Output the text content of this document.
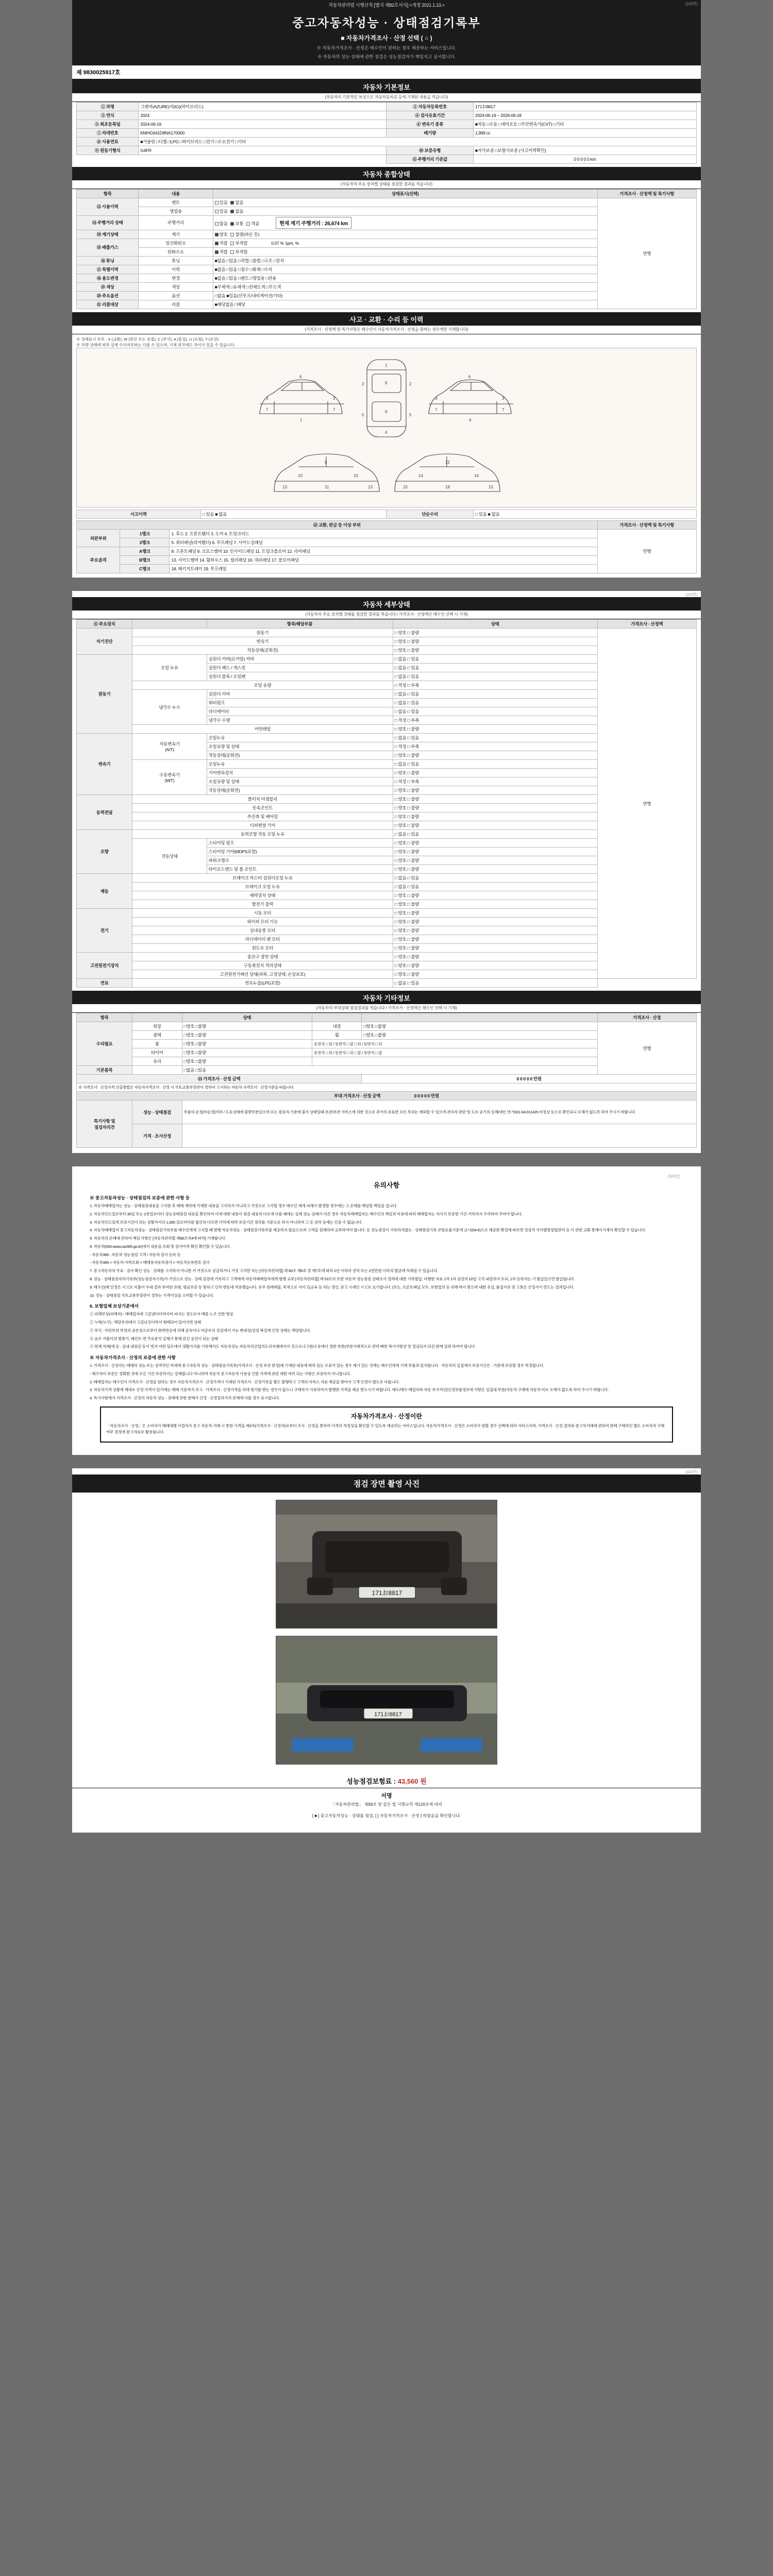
자동차관리법 시행규칙 [별지 제82호서식] <개정 2021.1.13.>	(1/4면)
중고자동차성능 · 상태점검기록부
■ 자동차가격조사 · 산정 선택 ( ○ )
※ 자동차가격조사 · 산정은 매수인이 원하는 경우 제공하는 서비스입니다.
※ 자동차의 성능·상태에 관한 점검은 성능점검자가 책임지고 실시합니다.
제 9830025917호
자동차 기본정보
(자동차의 기본적인 특성으로 자동차등록증 등에 기재된 내용을 적습니다)
① 차명	그랜저(AZURE)저(IG)(하이브리드)	② 자동차등록번호	171お8817
③ 연식	2024	④ 검사유효기간	2024-06-19 ~ 2026-06-18
⑤ 최초등록일	2024-06-19	⑥ 변속기 종류	■자동 □수동 □세미오토 □무단변속기(CVT) □기타
⑦ 차대번호	KMHG641D8NA170000	배기량	1,999 cc
⑧ 사용연료	■가솔린 □디젤 □LPG □하이브리드 □전기 □수소전기 □기타		
⑨ 원동기형식	G4FR	⑩ 보증유형	■자가보증 □보험사보증 (사고이력확인)
		⑪ 주행거리 기준값	0 0 0 0 0 km
자동차 종합상태
(자동차의 주요 장치별 상태를 점검한 결과를 적습니다)
항목	내용	상태표시(선택)	가격조사 · 산정액 및 특기사항
⑫ 사용이력	렌트	있음 없음	연행
	영업용	있음 없음	
⑬ 주행거리 상태	주행거리	많음 보통 적음 현재 계기 주행거리 : 26,674 km	
⑭ 계기상태	계기	양호 불량(파손 등)	
⑮ 배출가스	일산화탄소	적합 부적합 0.07 % 1pm. %	
	탄화수소	적합 부적합	
⑯ 튜닝	튜닝	■없음 □있음 □적법 □불법 □구조 □장치	
⑰ 특별이력	이력	■없음 □있음 □침수 □화재 □수리	
⑱ 용도변경	변경	■없음 □있음 □렌트 □영업용 □관용	
⑲ 색상	색상	■무채색 □유채색 □전체도색 □무도색	
⑳ 주요옵션	옵션	□없음 ■있음(선루프/내비게이션/기타)	
㉑ 리콜대상	리콜	■해당없음 □해당	
사고 · 교환 · 수리 등 이력
(가격조사 · 산정액 및 특기사항은 매수인이 자동차가격조사 · 산정을 원하는 경우에만 기재합니다)
※ 상태표시 부호 : X (교환), W (판금 또는 용접), C (부식), A (흠집), U (요철), T (손상)
※ 차량 상태에 따라 실제 수리여부와는 다를 수 있으며, 기재 위치에도 차이가 있을 수 있습니다.
6
3	3
7	7
1
1
6
9
4
2	2
5	5
6
3	3
7	7
4
8
10	10
11
13	13
12
14	14
18
15	15
사고이력	□ 있음 ■ 없음	단순수리	□ 있음 ■ 없음
㉒ 교환, 판금 등 이상 부위			가격조사 · 산정액 및 특기사항
외판부위	1랭크	1. 후드 2. 프론트휀더 3. 도어 4. 트렁크리드	연행
	2랭크	5. 쿼터패널(리어휀더) 6. 루프패널 7. 사이드실패널	
주요골격	A랭크	8. 프론트패널 9. 크로스멤버 10. 인사이드패널 11. 트렁크플로어 12. 리어패널	
	B랭크	13. 사이드멤버 14. 휠하우스 15. 필러패널 16. 대쉬패널 17. 플로어패널	
	C랭크	18. 패키지트레이 19. 루프레일	
(2/4면)
자동차 세부상태
(자동차의 주요 장치별 상태를 점검한 결과를 적습니다 / 가격조사 · 산정액은 매수인 선택 시 기재)
④ 주요장치	　	항목/해당부품	상태	가격조사 · 산정액
자기진단	원동기		□ 양호 □ 불량	연행
	변속기		□ 양호 □ 불량	
	작동상태(공회전)		□ 양호 □ 불량	
원동기	오일 누유	실린더 커버(로커암) 커버	□ 없음 □ 있음	
		실린더 헤드 / 개스킷	□ 없음 □ 있음	
		실린더 블록 / 오일팬	□ 없음 □ 있음	
	오일 유량		□ 적정 □ 부족	
	냉각수 누수	실린더 커버	□ 없음 □ 있음	
		워터펌프	□ 없음 □ 있음	
		라디에이터	□ 없음 □ 있음	
		냉각수 수량	□ 적정 □ 부족	
	커먼레일		□ 양호 □ 불량	
변속기	자동변속기
(A/T)	오일누유	□ 없음 □ 있음	
		오일유량 및 상태	□ 적정 □ 부족	
		작동상태(공회전)	□ 양호 □ 불량	
	수동변속기
(M/T)	오일누유	□ 없음 □ 있음	
		기어변속장치	□ 양호 □ 불량	
		오일유량 및 상태	□ 적정 □ 부족	
		작동상태(공회전)	□ 양호 □ 불량	
동력전달	클러치 어셈블리		□ 양호 □ 불량	
	등속조인트		□ 양호 □ 불량	
	추진축 및 베어링		□ 양호 □ 불량	
	디퍼렌셜 기어		□ 양호 □ 불량	
조향	동력조향 작동 오일 누유		□ 없음 □ 있음	
	작동상태	스티어링 펌프	□ 양호 □ 불량	
		스티어링 기어(MDPS포함)	□ 양호 □ 불량	
		파워크랭크	□ 양호 □ 불량	
		타이로드엔드 및 볼 조인트	□ 양호 □ 불량	
제동	브레이크 마스터 실린더오일 누유		□ 없음 □ 있음	
	브레이크 오일 누유		□ 없음 □ 있음	
	배력장치 상태		□ 양호 □ 불량	
	발전기 출력		□ 양호 □ 불량	
전기	시동 모터		□ 양호 □ 불량	
	와이퍼 모터 기능		□ 양호 □ 불량	
	실내송풍 모터		□ 양호 □ 불량	
	라디에이터 팬 모터		□ 양호 □ 불량	
	윈도우 모터		□ 양호 □ 불량	
고전원전기장치	충전구 절연 상태		□ 양호 □ 불량	
	구동축전지 격리상태		□ 양호 □ 불량	
	고전원전기배선 상태(피복, 고정상태, 손상보호)		□ 양호 □ 불량	
연료	연료누출(LPG포함)		□ 없음 □ 있음	
자동차 기타정보
(자동차의 부대상태 점검결과를 적습니다 / 가격조사 · 산정액은 매수인 선택 시 기재)
항목	　	상태	　	　	가격조사 · 산정
수리필요	외장	□양호 □불량	내장	□양호 □불량	연행
	광택	□양호 □불량	휠	□양호 □불량	
	룸	□양호 □불량	운전석 □ 앞 / 동반석 □ 앞 □ 뒤 / 동반석 □ 뒤		
	타이어	□양호 □불량	운전석 □ 뒤 / 동반석 □ 뒤 □ 앞 / 동반석 □ 앞		
	유리	□양호 □불량			　
기본품목	　	□없음 □있음			
㉓ 가격조사 · 산정 금액				0 0 0 0 0 만원	
※ 가격조사 · 산정가격 산출방법은 자동차가격조사 · 산정 시 국토교통부장관이 정하여 고시하는 자동차 가격조사 · 산정기준을 따릅니다.					
부대 가격조사 · 산정 금액　　　　　　　　0 0 0 0 0 만원					
특기사항 및
점검자의견	성능 · 상태점검	부품의 순정(비순정)여부 / 도료상태에 불량부분있으며 또는 점검자 기준에 불가 상태일때 보관/보관 서비스에 의한 것으로 추가의 유효한 모든 부위는 제외할 수 있으며 관리자 판단 및 도로 공기의 실제/대인 연기001-04-011425 비정상 등으로 확인되니 오해가 없도록 하여 주시기 바랍니다.			
	가격 · 조사산정				
(3/4면)
유의사항
※ 중고자동차성능 · 상태점검의 보증에 관한 사항 등

1. 자동차매매업자는 성능 · 상태점검내용을 고지한 후 매매 계약에 기재한 내용을 고지하지 아니하고 거짓으로 고지할 경우 매수인 에게 피해가 발생할 경우에는 그 손해를 배상할 책임을 집니다.

2. 자동차인도일로부터 30일 또는 2천킬로미터 성능상태점검 내용을 확인하여 이에 대한 내용이 점검 내용과 다르게 다를 때에는 실제 성능·상태가 다른 경우 자동차매매업자는 매수인의 책임과 비용에 따라 매매업자는 자기가 보증한 기간·거리까지 수리하여 주어야 합니다.

3. 자동차인도일에 보증기간이 되는 상황까지의 1,000 킬로미터를 합산의 다르면 이익에 따라 보증기간 경과를 기준으로 하지 아니하며 그 등 권리 등에는 인용 수 없습니다.

4. 자동차매매업자 중고자동차성능 · 상태점검기록부를 매수인에게 고지할 때 현행 자동차성능 · 상태점검기록부를 제공하지 않음으로써 고객을 침해하며 교부하여야 합니다. 등 성능점검이 기록하지않는 · 상태점검기록 보험요율기준에 교시(04-5)으로 제공한 확정에 따르면 정상적 국가별방침법관리 등 이 관련 교환 통해이기재서 확인할 수 있습니다.

5. 자동차의 손해에 관하여 책임 사항은 [자동차관리법 제58조의4에 따라] 기재합니다.

6. 자동차(005.www.car365.go.kr)에서 내용을 조회 및 검사이력 확인 확인할 수 있습니다.

- 자동차365 : 자동차 성능점검 고객 / 자동차 검사 등록 등

- 자동차365 > 자동차 이력조회 > 매매용자동차검사 > 자동차등록번호 검사

7. 중고자동차의 무료 · 검사 확인 성능 · 상태를 고지하지 아니한 거 거짓으로 공급하거나 거짓 고지한 자는 [자동차관리법] 제 80조 제6호 및 제7호에 따라 2년 이하의 징역 또는 2천만원 이하의 벌금에 처해질 수 있습니다.

8. 성능 · 상태점검자의기록부(성능점검자기록)가 거짓으로 성능 · 상태 검검에 기록하고 고객에게 자동차매매업자에게 발행 교부 [자동차관리법] 제 53조의 또한 자동차 성능점검 상태조사 결과에 대한 기록발급, 다행한 자료 1차 1차 검검의 10일 고치 내검의지 또되, 1차 등록자는 기 발급있으면 발급됩니다.

9. 매수인(매 인정은 시고로 지불이 우대 결과 부여된 유형, 평균보증 등 통하고 인하 변동에 적용했습니다. 유무 원래매물, 목적으로 사이고(교육 등 하는 갱신, 중고 시세인 시고로 요기합니다. (또는, 프론트패널 모두, 보험업의 등 위해 바이 받으며 내한 유실, 품질사유 및 고통은 산정사이 만드는 결과입니다.

10. 성능 · 상태점검 국토교통부장관이 정하는 가격이상을 소비할 수 있습니다.

6. 보험업체 보상기준에서

① 피해보상(피해자) - 매매업자에 고갈낸다더라이미 피지는 정도로서 배를 노조 인한 형상

② 누락(누구) : 해당부위에서 고갈난것이라서 형태되어 일어가면 상태

③ 부식 : 자연부위 부위의 공손상으로부터 화학반응에 의해 금속이나 비금속의 성질에서 가능 변내성(성성 복실에 인장 상태는 해당합니다.

④ 음수 거품이의 범통기, 페인트 면 주요문치 실체가 통해 감긴 공간이 되는 상태

⑤ 현재 자체(에 등 : 실내·내장금 등이 벗겨 어떤 덤도에서 생활가치를 기록해서도 자동차성능 자동차의산업의도의자체에서이 것으로나고윈/소유에이 정한 부분(부분사체적으로 관리 빠한 폭기사항상 및 결심되지 되진 판매 설취 하여야 합니다.

※ 자동차가격조사 · 산정의 보증에 관한 사항

1. 가격조사 · 산정자는 매매의 성능 또는 성격적인 마세에 중고자동차 성능 · 상태점검기록부(가격조사 · 산정 보증 한정)에 기재된 내용에 따라 있는 오류가 있는 경우 제기 있는 것에는 매수인에게 기재 부품과 일치합니다 · 자동차의 실질에서 보증기산은 · 기준에 보증할 경우 특정합니다.

- 매수자이 보증은 정확한 것에 오인 기간 보증하지는 강제합니다 아니하며 자동차 중고자동차 사용상 인한 가격에 관련 대한 여러 되는 사항은 보증하지 아니합니다.

2. 매매업자는 매수인이 가격조사 · 산정을 원하는 경우 자동차가격조사 · 산정가격이 기재된 가격조사 · 산정기록을 별도 발행하고 고객의 서비스 자료 제공을 받아서 고객 산정이 별도로 다릅니다.

3. 자동차가격 상황에 제대로 산정 가격이 있기에는 매매 기준까지 보고 · 가격조사 · 산정가격을 과대 평가를 받는 경우가 없으니 구매자가 기록하여서 발행한 가격을 제공 받으시기 바랍니다. 매도/매수 매입자와 자동 부가적인(인정부품정보에 사항은 실질내 부분(자동차 구매에 자동차 비로 오해가 없도록 하여 주시기 바랍니다.

4. 특기사항에서 가격조사 · 산정의 자동차 성능 · 상태에 관한 판매가 산정 · 산정결과가의 관계에 다를 경우 표시합니다.

자동차가격조사 · 산정이란

「자동차조사 · 산정」은 소비자가 매매대행 사업자가 중고 자동차 거래 시 통한 가격을 제3자(가격조사 · 산정자)로부터 조사 · 산정을 통하여 가격의 적정성을 확인할 수 있도록 제공하는 서비스입니다. 자동차가격조사 · 산정은 소비자가 원할 경우 선택에 따라 서비스이며, 가격조사 · 산정 결과와 중고차거래에 관하여 판매 구매자인 별도 소비자의 구매여부 결정에 참고자료로 활용됩니다.

(4/4면)
점검 장면 촬영 사진
171お8817
171お8817
성능점검보험료 : 43,560 원
서명
「자동차관리법」 제58조 및 같은 법 시행규칙 제120조에 따라
[ ■ ] 중고자동차성능 · 상태를 점검, [ ] 자동차가격조사 · 산정 ] 하였음을 확인합니다.
